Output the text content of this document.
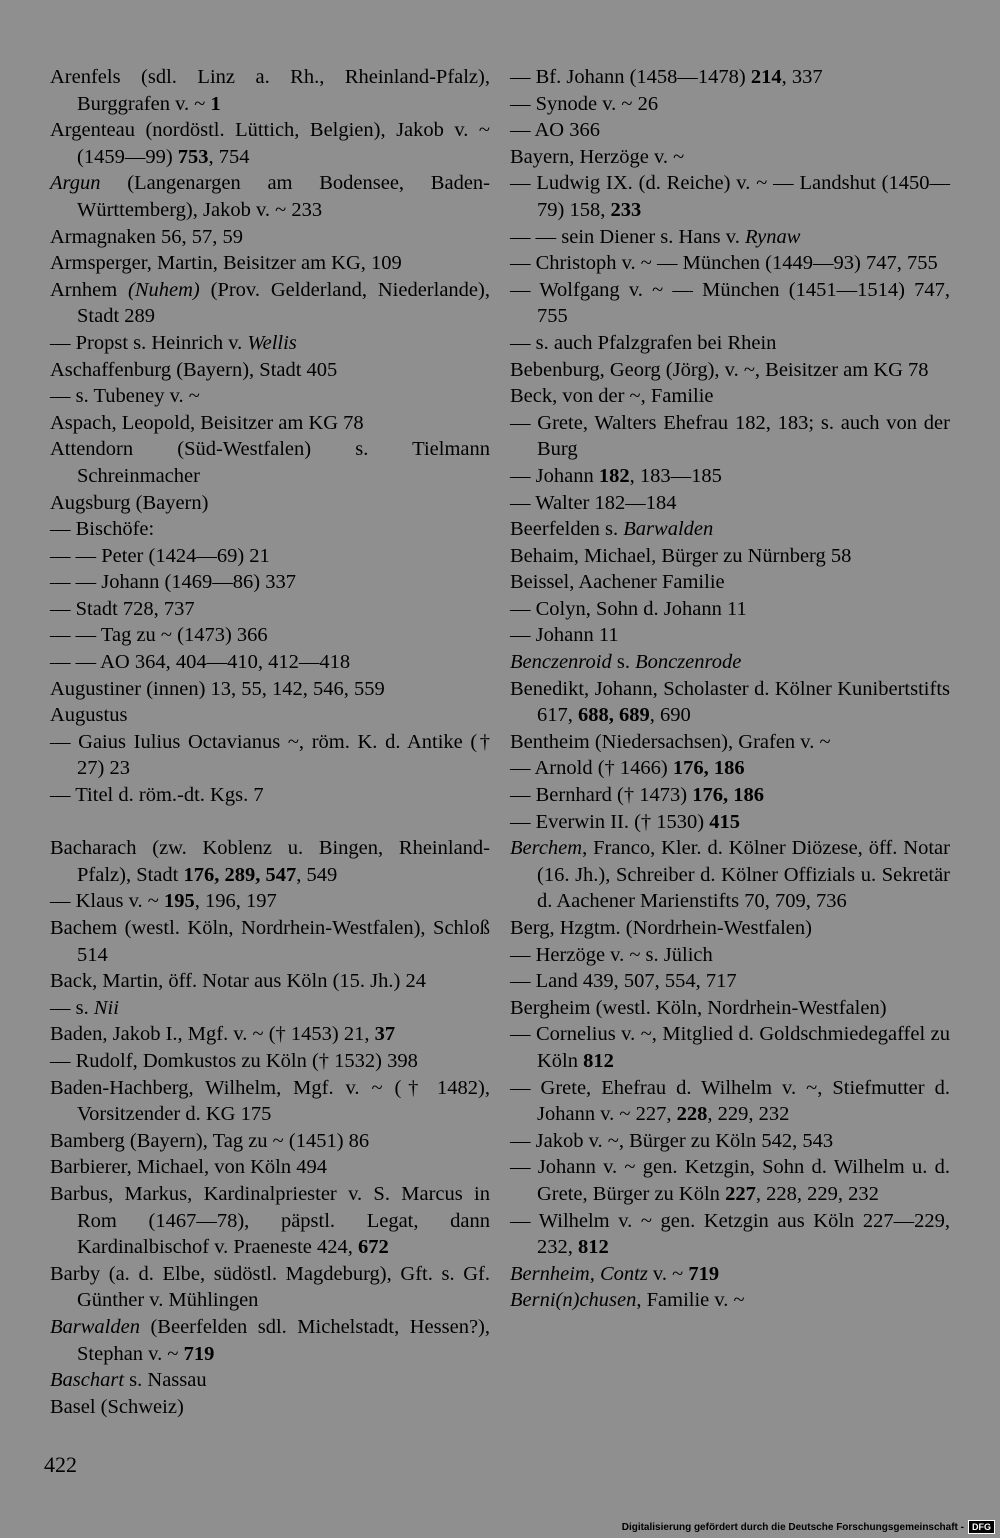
Arenfels (sdl. Linz a. Rh., Rheinland-Pfalz), Burggrafen v. ~ 1
Argenteau (nordöstl. Lüttich, Belgien), Jakob v. ~ (1459—99) 753, 754
Argun (Langenargen am Bodensee, Baden-Württemberg), Jakob v. ~ 233
Armagnaken 56, 57, 59
Armsperger, Martin, Beisitzer am KG, 109
Arnhem (Nuhem) (Prov. Gelderland, Niederlande), Stadt 289
— Propst s. Heinrich v. Wellis
Aschaffenburg (Bayern), Stadt 405
— s. Tubeney v. ~
Aspach, Leopold, Beisitzer am KG 78
Attendorn (Süd-Westfalen) s. Tielmann Schreinmacher
Augsburg (Bayern)
— Bischöfe:
— — Peter (1424—69) 21
— — Johann (1469—86) 337
— Stadt 728, 737
— — Tag zu ~ (1473) 366
— — AO 364, 404—410, 412—418
Augustiner (innen) 13, 55, 142, 546, 559
Augustus
— Gaius Iulius Octavianus ~, röm. K. d. Antike († 27) 23
— Titel d. röm.-dt. Kgs. 7
Bacharach (zw. Koblenz u. Bingen, Rheinland-Pfalz), Stadt 176, 289, 547, 549
— Klaus v. ~ 195, 196, 197
Bachem (westl. Köln, Nordrhein-Westfalen), Schloß 514
Back, Martin, öff. Notar aus Köln (15. Jh.) 24
— s. Nii
Baden, Jakob I., Mgf. v. ~ († 1453) 21, 37
— Rudolf, Domkustos zu Köln († 1532) 398
Baden-Hachberg, Wilhelm, Mgf. v. ~ († 1482), Vorsitzender d. KG 175
Bamberg (Bayern), Tag zu ~ (1451) 86
Barbierer, Michael, von Köln 494
Barbus, Markus, Kardinalpriester v. S. Marcus in Rom (1467—78), päpstl. Legat, dann Kardinalbischof v. Praeneste 424, 672
Barby (a. d. Elbe, südöstl. Magdeburg), Gft. s. Gf. Günther v. Mühlingen
Barwalden (Beerfelden sdl. Michelstadt, Hessen?), Stephan v. ~ 719
Baschart s. Nassau
Basel (Schweiz)
— Bf. Johann (1458—1478) 214, 337
— Synode v. ~ 26
— AO 366
Bayern, Herzöge v. ~
— Ludwig IX. (d. Reiche) v. ~ — Landshut (1450—79) 158, 233
— — sein Diener s. Hans v. Rynaw
— Christoph v. ~ — München (1449—93) 747, 755
— Wolfgang v. ~ — München (1451—1514) 747, 755
— s. auch Pfalzgrafen bei Rhein
Bebenburg, Georg (Jörg), v. ~, Beisitzer am KG 78
Beck, von der ~, Familie
— Grete, Walters Ehefrau 182, 183; s. auch von der Burg
— Johann 182, 183—185
— Walter 182—184
Beerfelden s. Barwalden
Behaim, Michael, Bürger zu Nürnberg 58
Beissel, Aachener Familie
— Colyn, Sohn d. Johann 11
— Johann 11
Benczenroid s. Bonczenrode
Benedikt, Johann, Scholaster d. Kölner Kunibertstifts 617, 688, 689, 690
Bentheim (Niedersachsen), Grafen v. ~
— Arnold († 1466) 176, 186
— Bernhard († 1473) 176, 186
— Everwin II. († 1530) 415
Berchem, Franco, Kler. d. Kölner Diözese, öff. Notar (16. Jh.), Schreiber d. Kölner Offizials u. Sekretär d. Aachener Marienstifts 70, 709, 736
Berg, Hzgtm. (Nordrhein-Westfalen)
— Herzöge v. ~ s. Jülich
— Land 439, 507, 554, 717
Bergheim (westl. Köln, Nordrhein-Westfalen)
— Cornelius v. ~, Mitglied d. Goldschmiedegaffel zu Köln 812
— Grete, Ehefrau d. Wilhelm v. ~, Stiefmutter d. Johann v. ~ 227, 228, 229, 232
— Jakob v. ~, Bürger zu Köln 542, 543
— Johann v. ~ gen. Ketzgin, Sohn d. Wilhelm u. d. Grete, Bürger zu Köln 227, 228, 229, 232
— Wilhelm v. ~ gen. Ketzgin aus Köln 227—229, 232, 812
Bernheim, Contz v. ~ 719
Berni(n)chusen, Familie v. ~
422
Digitalisierung gefördert durch die Deutsche Forschungsgemeinschaft - DFG
